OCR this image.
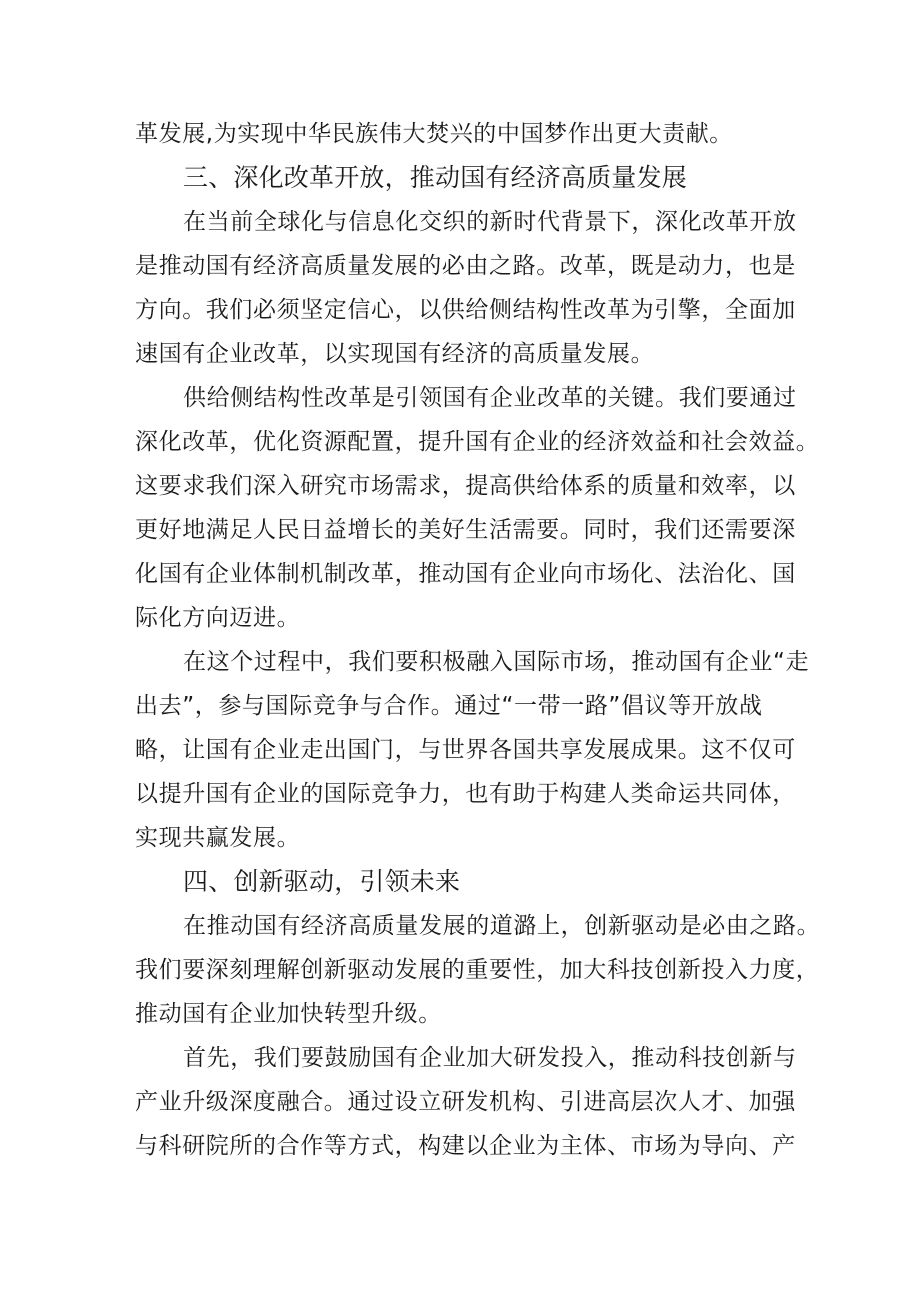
革发展,为实现中华民族伟大焚兴的中国梦作出更大责献。
三、深化改革开放，推动国有经济高质量发展
在当前全球化与信息化交织的新时代背景下，深化改革开放
是推动国有经济高质量发展的必由之路。改革，既是动力，也是
方向。我们必须坚定信心，以供给侧结构性改革为引擎，全面加
速国有企业改革，以实现国有经济的高质量发展。
供给侧结构性改革是引领国有企业改革的关键。我们要通过
深化改革，优化资源配置，提升国有企业的经济效益和社会效益。
这要求我们深入研究市场需求，提高供给体系的质量和效率，以
更好地满足人民日益增长的美好生活需要。同时，我们还需要深
化国有企业体制机制改革，推动国有企业向市场化、法治化、国
际化方向迈进。
在这个过程中，我们要积极融入国际市场，推动国有企业“走
出去”，参与国际竞争与合作。通过“一带一路”倡议等开放战
略，让国有企业走出国门，与世界各国共享发展成果。这不仅可
以提升国有企业的国际竞争力，也有助于构建人类命运共同体，
实现共赢发展。
四、创新驱动，引领未来
在推动国有经济高质量发展的道潞上，创新驱动是必由之路。
我们要深刻理解创新驱动发展的重要性，加大科技创新投入力度，
推动国有企业加快转型升级。
首先，我们要鼓励国有企业加大研发投入，推动科技创新与
产业升级深度融合。通过设立研发机构、引进高层次人才、加强
与科研院所的合作等方式，构建以企业为主体、市场为导向、产
